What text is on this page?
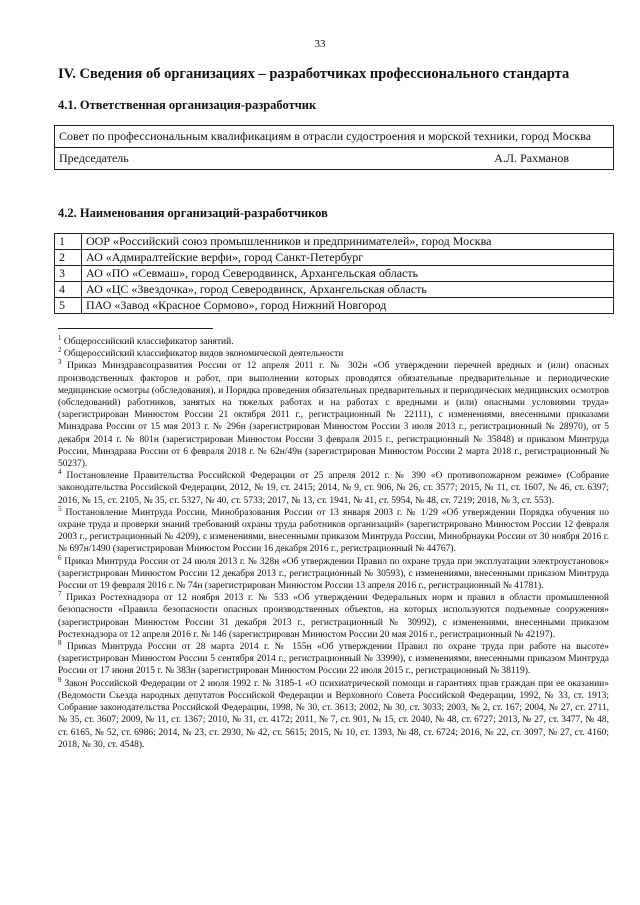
33
IV. Сведения об организациях – разработчиках профессионального стандарта
4.1. Ответственная организация-разработчик
Совет по профессиональным квалификациям в отрасли судостроения и морской техники, город Москва

Председатель	А.Л. Рахманов
4.2. Наименования организаций-разработчиков
1	ООР «Российский союз промышленников и предпринимателей», город Москва
2	АО «Адмиралтейские верфи», город Санкт-Петербург
3	АО «ПО «Севмаш», город Северодвинск, Архангельская область
4	АО «ЦС «Звездочка», город Северодвинск, Архангельская область
5	ПАО «Завод «Красное Сормово», город Нижний Новгород

$^1$ Общероссийский классификатор занятий.

$^2$ Общероссийский классификатор видов экономической деятельности

$^3$ Приказ Минздравсоцразвития России от 12 апреля 2011 г. № 302н «Об утверждении перечней вредных и (или) опасных производственных факторов и работ, при выполнении которых проводятся обязательные предварительные и периодические медицинские осмотры (обследования), и Порядка проведения обязательных предварительных и периодических медицинских осмотров (обследований) работников, занятых на тяжелых работах и на работах с вредными и (или) опасными условиями труда» (зарегистрирован Минюстом России 21 октября 2011 г., регистрационный № 22111), с изменениями, внесенными приказами Минздрава России от 15 мая 2013 г. № 296н (зарегистрирован Минюстом России 3 июля 2013 г., регистрационный № 28970), от 5 декабря 2014 г. № 801н (зарегистрирован Минюстом России 3 февраля 2015 г., регистрационный № 35848) и приказом Минтруда России, Минздрава России от 6 февраля 2018 г. № 62н/49н (зарегистрирован Минюстом России 2 марта 2018 г., регистрационный № 50237).

$^4$ Постановление Правительства Российской Федерации от 25 апреля 2012 г. № 390 «О противопожарном режиме» (Собрание законодательства Российской Федерации, 2012, № 19, ст. 2415; 2014, № 9, ст. 906, № 26, ст. 3577; 2015, № 11, ст. 1607, № 46, ст. 6397; 2016, № 15, ст. 2105, № 35, ст. 5327, № 40, ст. 5733; 2017, № 13, ст. 1941, № 41, ст. 5954, № 48, ст. 7219; 2018, № 3, ст. 553).

$^5$ Постановление Минтруда России, Минобразования России от 13 января 2003 г. № 1/29 «Об утверждении Порядка обучения по охране труда и проверки знаний требований охраны труда работников организаций» (зарегистрировано Минюстом России 12 февраля 2003 г., регистрационный № 4209), с изменениями, внесенными приказом Минтруда России, Минобрнауки России от 30 ноября 2016 г. № 697н/1490 (зарегистрирован Минюстом России 16 декабря 2016 г., регистрационный № 44767).

$^6$ Приказ Минтруда России от 24 июля 2013 г. № 328н «Об утверждении Правил по охране труда при эксплуатации электроустановок» (зарегистрирован Минюстом России 12 декабря 2013 г., регистрационный № 30593), с изменениями, внесенными приказом Минтруда России от 19 февраля 2016 г. № 74н (зарегистрирован Минюстом России 13 апреля 2016 г., регистрационный № 41781).

$^7$ Приказ Ростехнадзора от 12 ноября 2013 г. № 533 «Об утверждении Федеральных норм и правил в области промышленной безопасности «Правила безопасности опасных производственных объектов, на которых используются подъемные сооружения» (зарегистрирован Минюстом России 31 декабря 2013 г., регистрационный № 30992), с изменениями, внесенными приказом Ростехнадзора от 12 апреля 2016 г. № 146 (зарегистрирован Минюстом России 20 мая 2016 г., регистрационный № 42197).

$^8$ Приказ Минтруда России от 28 марта 2014 г. № 155н «Об утверждении Правил по охране труда при работе на высоте» (зарегистрирован Минюстом России 5 сентября 2014 г., регистрационный № 33990), с изменениями, внесенными приказом Минтруда России от 17 июня 2015 г. № 383н (зарегистрирован Минюстом России 22 июля 2015 г., регистрационный № 38119).

$^9$ Закон Российской Федерации от 2 июля 1992 г. № 3185-1 «О психиатрической помощи и гарантиях прав граждан при ее оказании» (Ведомости Съезда народных депутатов Российской Федерации и Верховного Совета Российской Федерации, 1992, № 33, ст. 1913; Собрание законодательства Российской Федерации, 1998, № 30, ст. 3613; 2002, № 30, ст. 3033; 2003, № 2, ст. 167; 2004, № 27, ст. 2711, № 35, ст. 3607; 2009, № 11, ст. 1367; 2010, № 31, ст. 4172; 2011, № 7, ст. 901, № 15, ст. 2040, № 48, ст. 6727; 2013, № 27, ст. 3477, № 48, ст. 6165, № 52, ст. 6986; 2014, № 23, ст. 2930, № 42, ст. 5615; 2015, № 10, ст. 1393, № 48, ст. 6724; 2016, № 22, ст. 3097, № 27, ст. 4160; 2018, № 30, ст. 4548).
